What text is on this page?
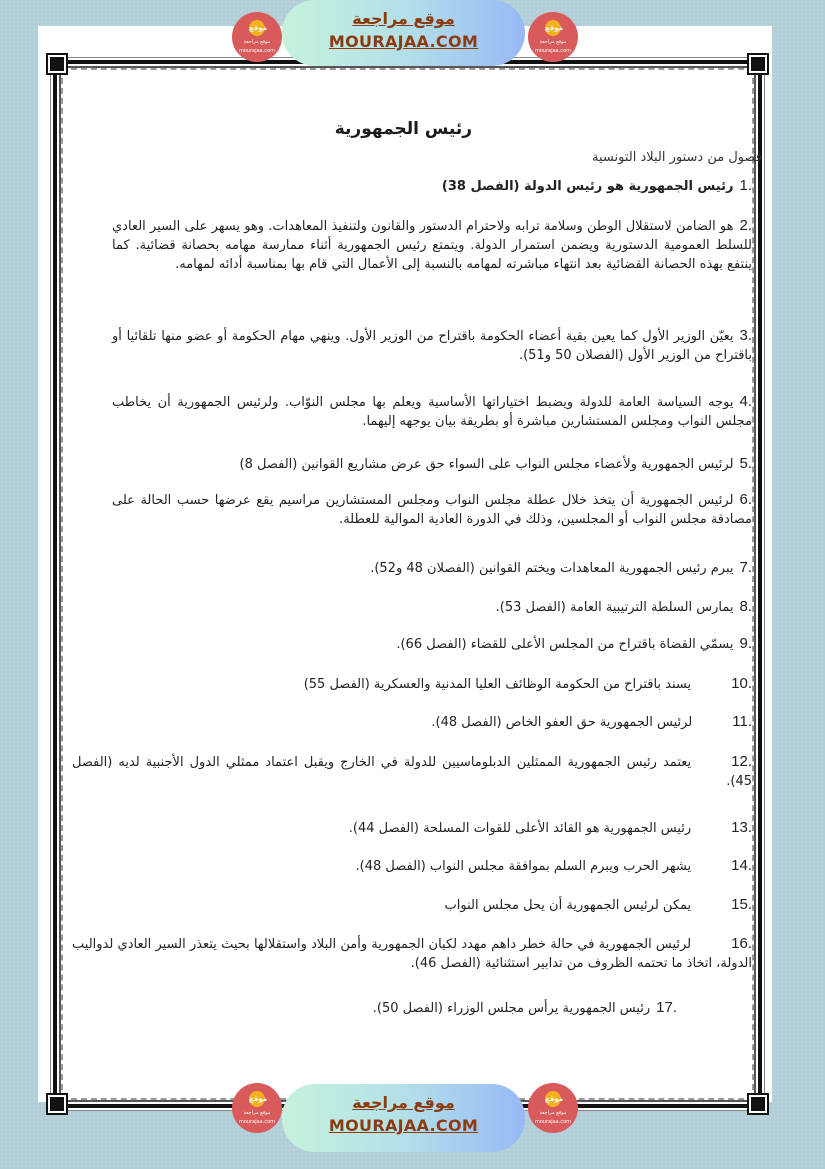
رئيس الجمهورية
فصول من دستور البلاد التونسية
1.رئيس الجمهورية هو رئيس الدولة (الفصل 38)
2.هو الضامن لاستقلال الوطن وسلامة ترابه ولاحترام الدستور والقانون ولتنفيذ المعاهدات. وهو يسهر على السير العادي للسلط العمومية الدستورية ويضمن استمرار الدولة. ويتمتع رئيس الجمهورية أثناء ممارسة مهامه بحصانة قضائية. كما ينتفع بهذه الحصانة القضائية بعد انتهاء مباشرته لمهامه بالنسبة إلى الأعمال التي قام بها بمناسبة أدائه لمهامه.
3.يعيّن الوزير الأول كما يعين بقية أعضاء الحكومة باقتراح من الوزير الأول. وينهي مهام الحكومة أو عضو منها تلقائيا أو باقتراح من الوزير الأول (الفصلان 50 و51).
4.يوجه السياسة العامة للدولة ويضبط اختياراتها الأساسية ويعلم بها مجلس النوّاب. ولرئيس الجمهورية أن يخاطب مجلس النواب ومجلس المستشارين مباشرة أو بطريقة بيان يوجهه إليهما.
5.لرئيس الجمهورية ولأعضاء مجلس النواب على السواء حق عرض مشاريع القوانين (الفصل 8)
6.لرئيس الجمهورية أن يتخذ خلال عطلة مجلس النواب ومجلس المستشارين مراسيم يقع عرضها حسب الحالة على مصادقة مجلس النواب أو المجلسين، وذلك في الدورة العادية الموالية للعطلة.
7.يبرم رئيس الجمهورية المعاهدات ويختم القوانين (الفصلان 48 و52).
8.يمارس السلطة الترتيبية العامة (الفصل 53).
9.يسمّي القضاة باقتراح من المجلس الأعلى للقضاء (الفصل 66).
10.يسند باقتراح من الحكومة الوظائف العليا المدنية والعسكرية (الفصل 55)
11.لرئيس الجمهورية حق العفو الخاص (الفصل 48).
12.يعتمد رئيس الجمهورية الممثلين الدبلوماسيين للدولة في الخارج ويقبل اعتماد ممثلي الدول الأجنبية لديه (الفصل 45).
13.رئيس الجمهورية هو القائد الأعلى للقوات المسلحة (الفصل 44).
14.يشهر الحرب ويبرم السلم بموافقة مجلس النواب (الفصل 48).
15.يمكن لرئيس الجمهورية أن يحل مجلس النواب
16.لرئيس الجمهورية في حالة خطر داهم مهدد لكيان الجمهورية وأمن البلاد واستقلالها بحيث يتعذر السير العادي لدواليب الدولة، اتخاذ ما تحتمه الظروف من تدابير استثنائية (الفصل 46).
17.رئيس الجمهورية يرأس مجلس الوزراء (الفصل 50).
موقع
موقع مراجعة
mourajaa.com
موقع مراجعة
MOURAJAA.COM
موقع
موقع مراجعة
mourajaa.com
موقع
موقع مراجعة
mourajaa.com
موقع مراجعة
MOURAJAA.COM
موقع
موقع مراجعة
mourajaa.com
